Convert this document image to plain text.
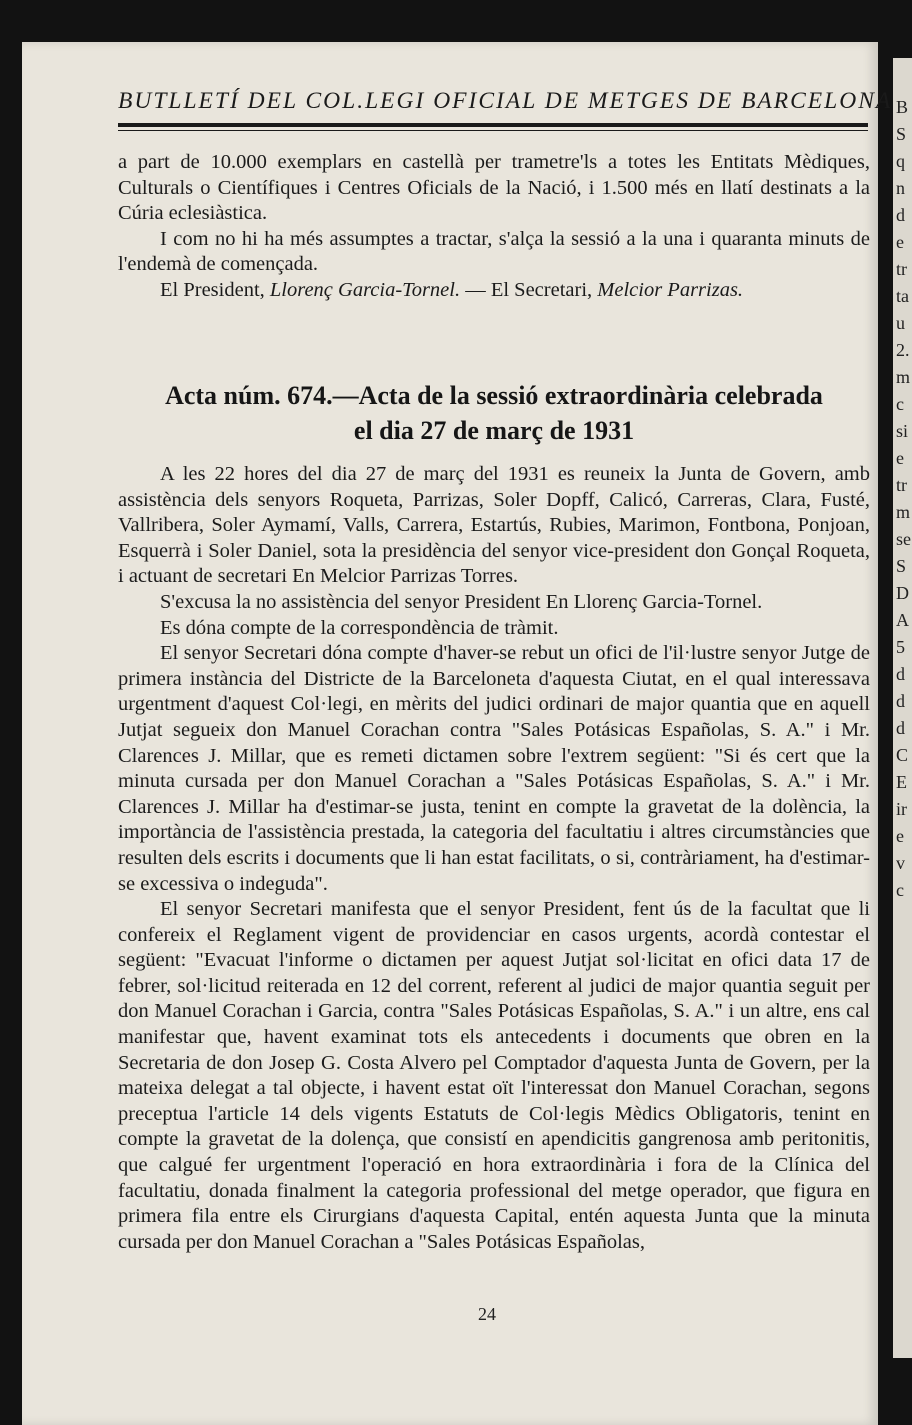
B
S
q
n
d
e
tr
ta
u
2.
m
c
si
e
tr
m
se
S
D
A
5
d
d
d
C
E
ir
e
v
c
BUTLLETÍ DEL COL.LEGI OFICIAL DE METGES DE BARCELONA

a part de 10.000 exemplars en castellà per trametre'ls a totes les Entitats Mèdiques, Culturals o Científiques i Centres Oficials de la Nació, i 1.500 més en llatí destinats a la Cúria eclesiàstica.

I com no hi ha més assumptes a tractar, s'alça la sessió a la una i quaranta minuts de l'endemà de començada.

El President, Llorenç Garcia-Tornel. — El Secretari, Melcior Parrizas.

Acta núm. 674.—Acta de la sessió extraordinària celebrada
el dia 27 de març de 1931

A les 22 hores del dia 27 de març del 1931 es reuneix la Junta de Govern, amb assistència dels senyors Roqueta, Parrizas, Soler Dopff, Calicó, Carreras, Clara, Fusté, Vallribera, Soler Aymamí, Valls, Carrera, Estartús, Rubies, Marimon, Fontbona, Ponjoan, Esquerrà i Soler Daniel, sota la presidència del senyor vice-president don Gonçal Roqueta, i actuant de secretari En Melcior Parrizas Torres.

S'excusa la no assistència del senyor President En Llorenç Garcia-Tornel.

Es dóna compte de la correspondència de tràmit.

El senyor Secretari dóna compte d'haver-se rebut un ofici de l'il·lustre senyor Jutge de primera instància del Districte de la Barceloneta d'aquesta Ciutat, en el qual interessava urgentment d'aquest Col·legi, en mèrits del judici ordinari de major quantia que en aquell Jutjat segueix don Manuel Corachan contra "Sales Potásicas Españolas, S. A." i Mr. Clarences J. Millar, que es remeti dictamen sobre l'extrem següent: "Si és cert que la minuta cursada per don Manuel Corachan a "Sales Potásicas Españolas, S. A." i Mr. Clarences J. Millar ha d'estimar-se justa, tenint en compte la gravetat de la dolència, la importància de l'assistència prestada, la categoria del facultatiu i altres circumstàncies que resulten dels escrits i documents que li han estat facilitats, o si, contràriament, ha d'estimar-se excessiva o indeguda".

El senyor Secretari manifesta que el senyor President, fent ús de la facultat que li confereix el Reglament vigent de providenciar en casos urgents, acordà contestar el següent: "Evacuat l'informe o dictamen per aquest Jutjat sol·licitat en ofici data 17 de febrer, sol·licitud reiterada en 12 del corrent, referent al judici de major quantia seguit per don Manuel Corachan i Garcia, contra "Sales Potásicas Españolas, S. A." i un altre, ens cal manifestar que, havent examinat tots els antecedents i documents que obren en la Secretaria de don Josep G. Costa Alvero pel Comptador d'aquesta Junta de Govern, per la mateixa delegat a tal objecte, i havent estat oït l'interessat don Manuel Corachan, segons preceptua l'article 14 dels vigents Estatuts de Col·legis Mèdics Obligatoris, tenint en compte la gravetat de la dolença, que consistí en apendicitis gangrenosa amb peritonitis, que calgué fer urgentment l'operació en hora extraordinària i fora de la Clínica del facultatiu, donada finalment la categoria professional del metge operador, que figura en primera fila entre els Cirurgians d'aquesta Capital, entén aquesta Junta que la minuta cursada per don Manuel Corachan a "Sales Potásicas Españolas,

24
